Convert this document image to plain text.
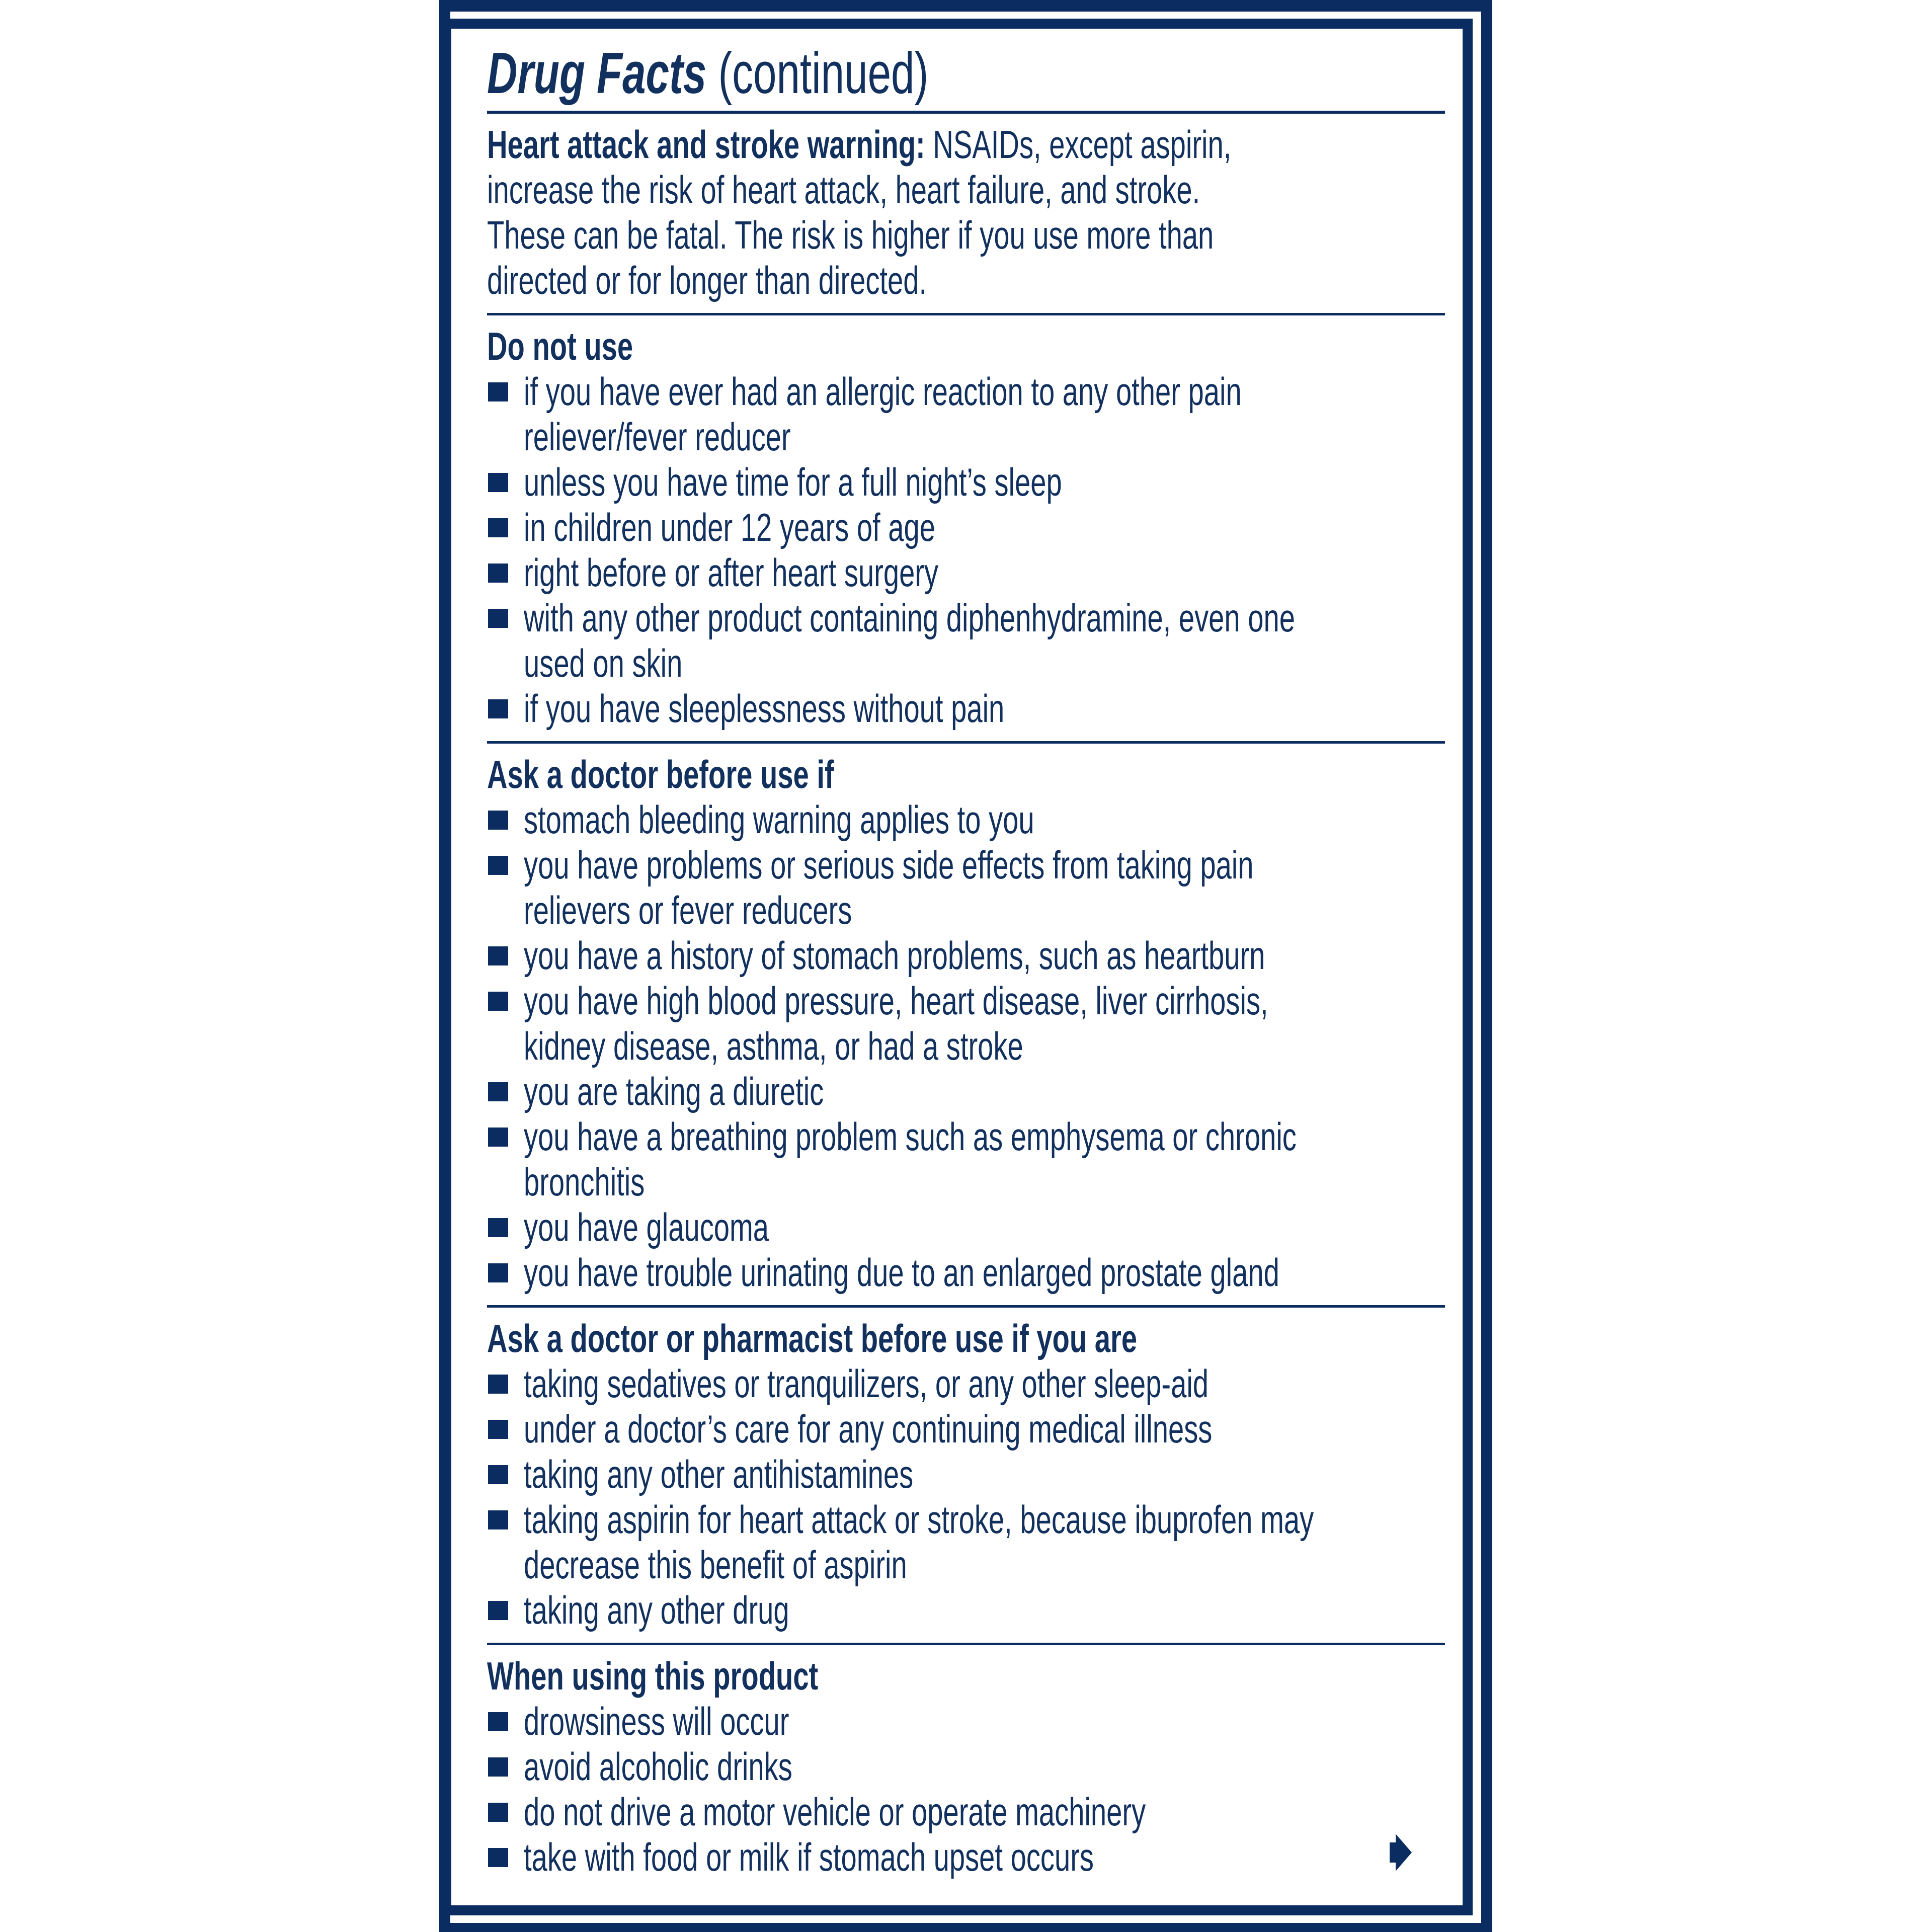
Drug Facts (continued)
Heart attack and stroke warning: NSAIDs, except aspirin,
increase the risk of heart attack, heart failure, and stroke.
These can be fatal. The risk is higher if you use more than
directed or for longer than directed.
Do not use
if you have ever had an allergic reaction to any other pain
reliever/fever reducer
unless you have time for a full night’s sleep
in children under 12 years of age
right before or after heart surgery
with any other product containing diphenhydramine, even one
used on skin
if you have sleeplessness without pain
Ask a doctor before use if
stomach bleeding warning applies to you
you have problems or serious side effects from taking pain
relievers or fever reducers
you have a history of stomach problems, such as heartburn
you have high blood pressure, heart disease, liver cirrhosis,
kidney disease, asthma, or had a stroke
you are taking a diuretic
you have a breathing problem such as emphysema or chronic
bronchitis
you have glaucoma
you have trouble urinating due to an enlarged prostate gland
Ask a doctor or pharmacist before use if you are
taking sedatives or tranquilizers, or any other sleep-aid
under a doctor’s care for any continuing medical illness
taking any other antihistamines
taking aspirin for heart attack or stroke, because ibuprofen may
decrease this benefit of aspirin
taking any other drug
When using this product
drowsiness will occur
avoid alcoholic drinks
do not drive a motor vehicle or operate machinery
take with food or milk if stomach upset occurs
